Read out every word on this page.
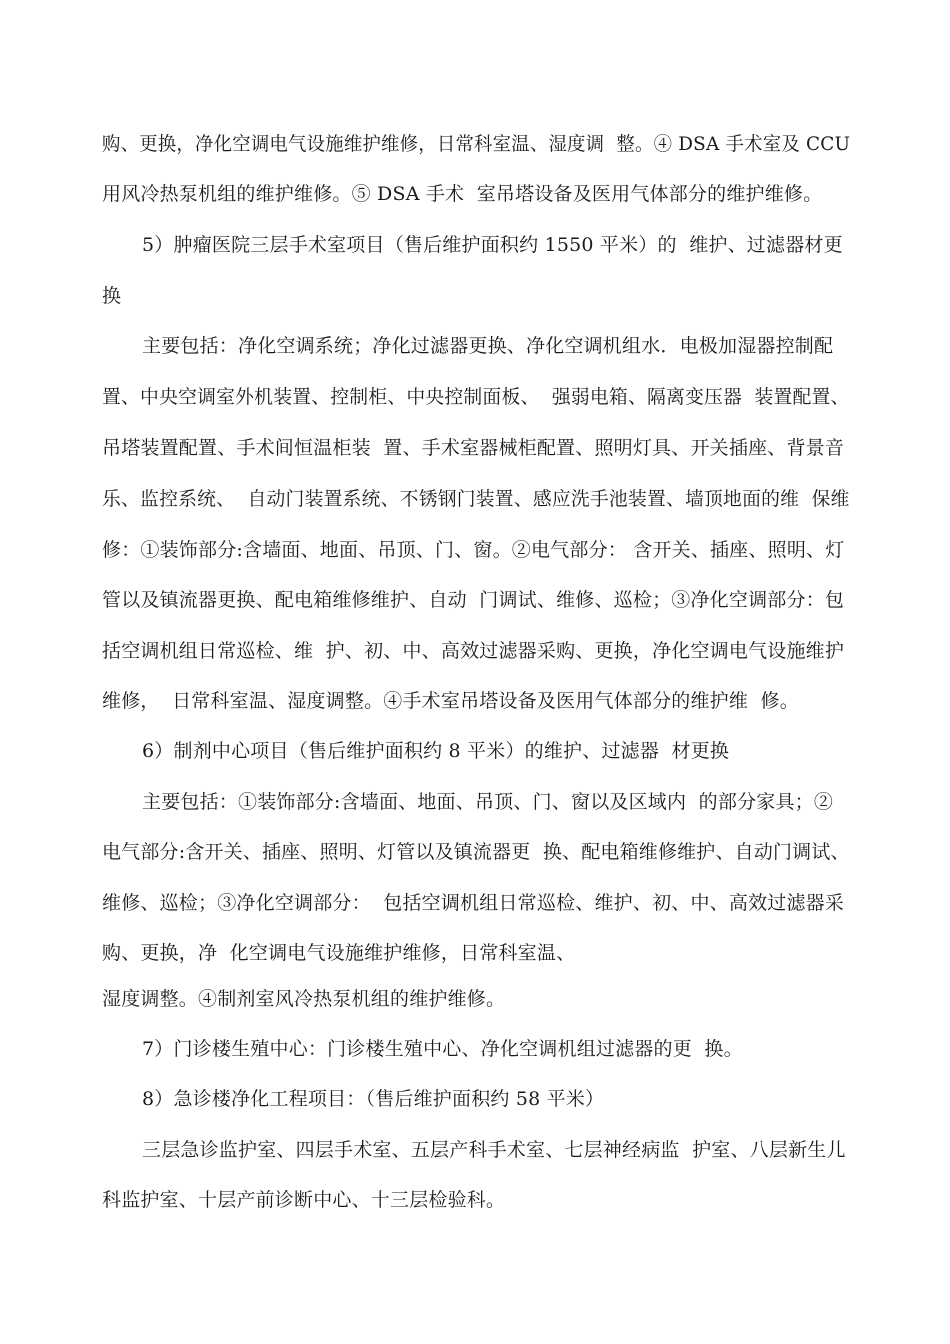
购、更换，净化空调电气设施维护维修，日常科室温、湿度调  整。④ DSA 手术室及 CCU
用风冷热泵机组的维护维修。⑤ DSA 手术  室吊塔设备及医用气体部分的维护维修。
5）肿瘤医院三层手术室项目（售后维护面积约 1550 平米）的  维护、过滤器材更
换
主要包括：净化空调系统；净化过滤器更换、净化空调机组水．电极加湿器控制配
置、中央空调室外机装置、控制柜、中央控制面板、  强弱电箱、隔离变压器  装置配置、
吊塔装置配置、手术间恒温柜装  置、手术室器械柜配置、照明灯具、开关插座、背景音
乐、监控系统、  自动门装置系统、不锈钢门装置、感应洗手池装置、墙顶地面的维  保维
修：①装饰部分:含墙面、地面、吊顶、门、窗。②电气部分： 含开关、插座、照明、灯
管以及镇流器更换、配电箱维修维护、自动  门调试、维修、巡检；③净化空调部分：包
括空调机组日常巡检、维  护、初、中、高效过滤器采购、更换，净化空调电气设施维护
维修，  日常科室温、湿度调整。④手术室吊塔设备及医用气体部分的维护维  修。
6）制剂中心项目（售后维护面积约 8 平米）的维护、过滤器  材更换
主要包括：①装饰部分:含墙面、地面、吊顶、门、窗以及区域内  的部分家具；②
电气部分:含开关、插座、照明、灯管以及镇流器更  换、配电箱维修维护、自动门调试、
维修、巡检；③净化空调部分：  包括空调机组日常巡检、维护、初、中、高效过滤器采
购、更换，净  化空调电气设施维护维修，日常科室温、
湿度调整。④制剂室风冷热泵机组的维护维修。
7）门诊楼生殖中心：门诊楼生殖中心、净化空调机组过滤器的更  换。
8）急诊楼净化工程项目：（售后维护面积约 58 平米）
三层急诊监护室、四层手术室、五层产科手术室、七层神经病监  护室、八层新生儿
科监护室、十层产前诊断中心、十三层检验科。
